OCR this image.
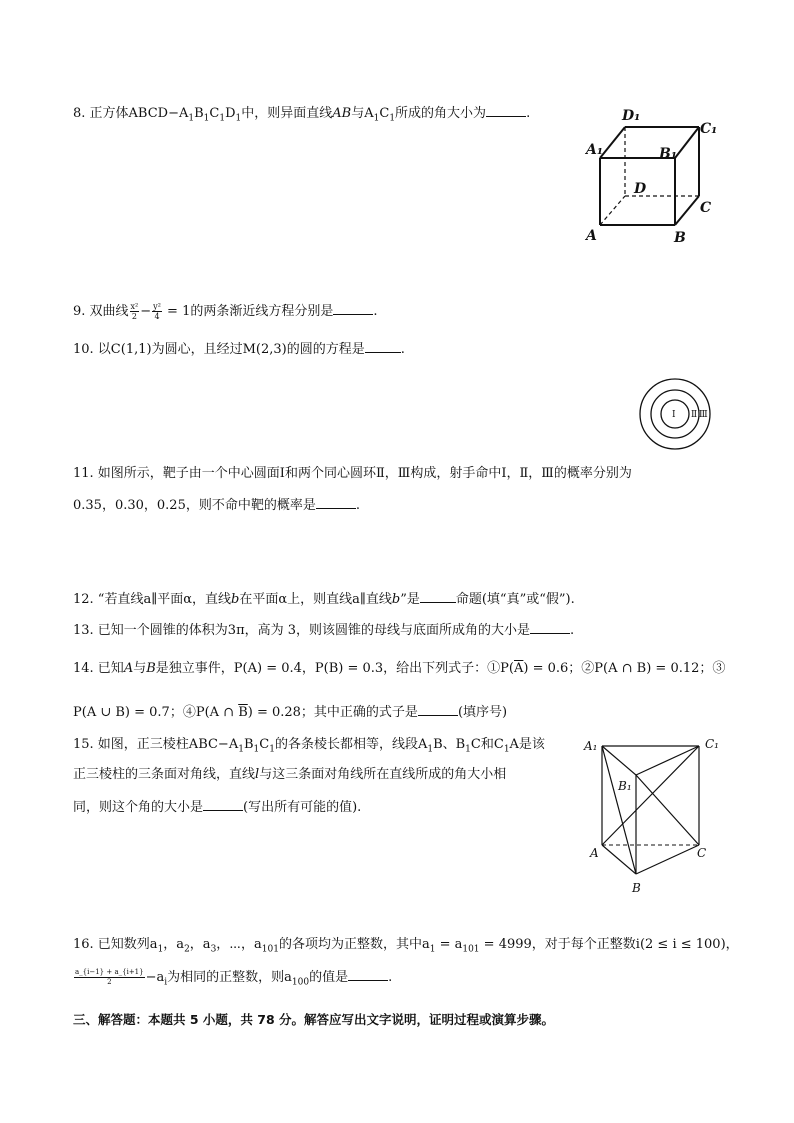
8. 正方体$ABCD-A_1B_1C_1D_1$中，则异面直线AB与$A_1C_1$所成的角大小为	.	D₁
C₁
A₁	B₁
D
C
A	B
9. 双曲线 $\frac{\text{x²}}{2} - \frac{\text{y²}}{4} = 1$的两条渐近线方程分别是	.
10. 以C(1,1)为圆心，且经过M(2,3)的圆的方程是	.
Ⅰ Ⅱ Ⅲ
11. 如图所示，靶子由一个中心圆面Ⅰ和两个同心圆环Ⅱ，Ⅲ构成，射手命中Ⅰ，Ⅱ，Ⅲ的概率分别为
0.35，0.30，0.25，则不命中靶的概率是	.
12. “若直线a∥平面α，直线b在平面α上，则直线a∥直线b”是	命题(填“真”或“假”).
13. 已知一个圆锥的体积为3π，高为 3，则该圆锥的母线与底面所成角的大小是	.
14. 已知A与B是独立事件，P(A) = 0.4，P(B) = 0.3，给出下列式子：$①P(\overline{A}) = 0.6$；②P(A ∩ B) = 0.12；③
P(A ∪ B) = 0.7；④P(A ∩ $\overline{B}) = 0.28$；其中正确的式子是	(填序号)
15. 如图，正三棱柱$ABC-A_1B_1C_1$的各条棱长都相等，线段$A_1B$、$B_1C$和$C_1A$是该
正三棱柱的三条面对角线，直线l与这三条面对角线所在直线所成的角大小相
同，则这个角的大小是	(写出所有可能的值).
A₁	C₁
B₁
A	C
B
16. 已知数列$a_1$，$a_2$，$a_3$，⋯，$a_{101}$的各项均为正整数，其中$a_1 = a_{101} = 4999$，对于每个正整数i(2 ≤ i ≤ 100)，
$\frac{a\_\{i-1\} + a\_\{i+1\}}{2} -a_i$为相同的正整数，则$a_{100}$的值是	.
三、解答题：本题共 5 小题，共 78 分。解答应写出文字说明，证明过程或演算步骤。
